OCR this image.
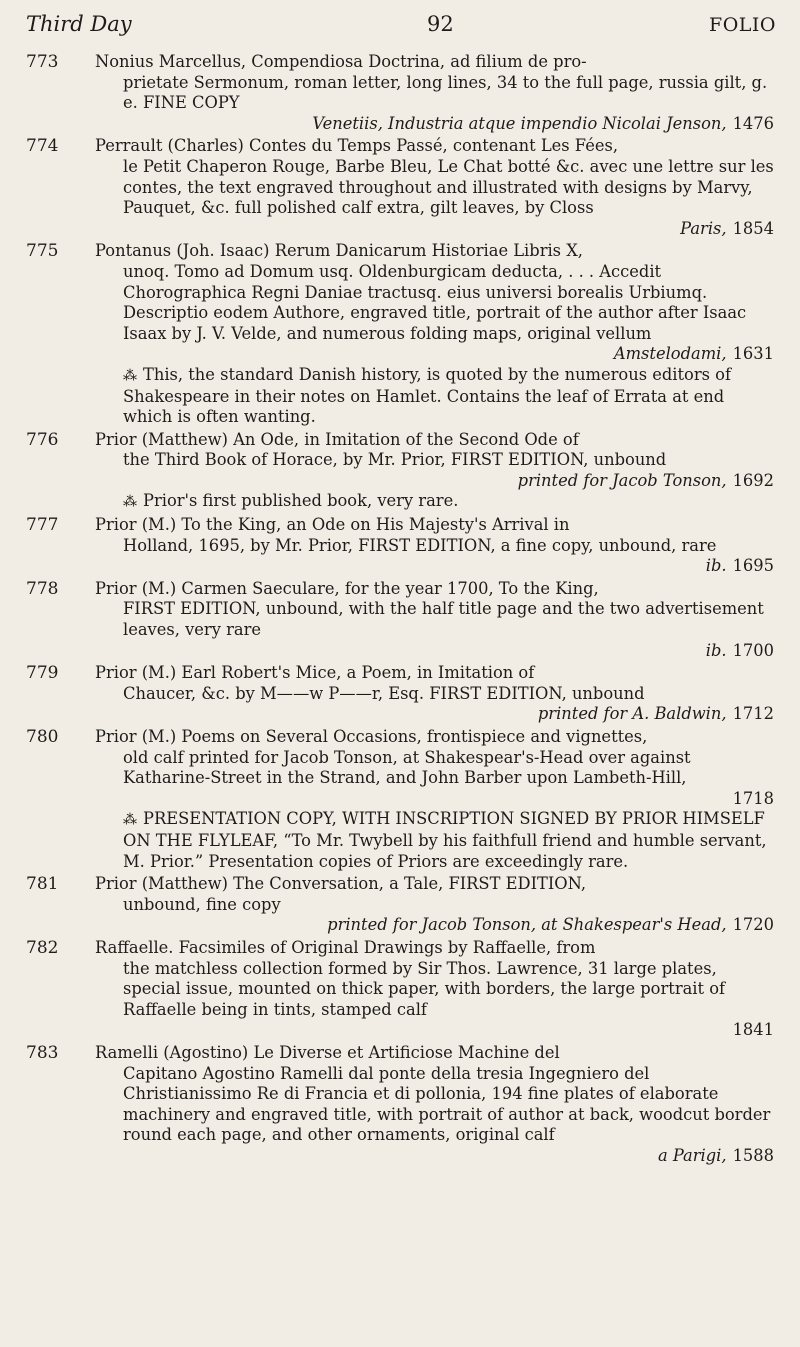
Third Day	92	FOLIO
773 Nonius Marcellus, Compendiosa Doctrina, ad filium de pro-
prietate Sermonum, roman letter, long lines, 34 to the full page, russia gilt, g. e. FINE COPY
Venetiis, Industria atque impendio Nicolai Jenson, 1476
774 Perrault (Charles) Contes du Temps Passé, contenant Les Fées,
le Petit Chaperon Rouge, Barbe Bleu, Le Chat botté &c. avec une lettre sur les contes, the text engraved throughout and illustrated with designs by Marvy, Pauquet, &c. full polished calf extra, gilt leaves, by Closs
Paris, 1854
775 Pontanus (Joh. Isaac) Rerum Danicarum Historiae Libris X,
unoq. Tomo ad Domum usq. Oldenburgicam deducta, . . . Accedit Chorographica Regni Daniae tractusq. eius universi borealis Urbiumq. Descriptio eodem Authore, engraved title, portrait of the author after Isaac Isaax by J. V. Velde, and numerous folding maps, original vellum
Amstelodami, 1631
⁂ This, the standard Danish history, is quoted by the numerous editors of Shakespeare in their notes on Hamlet. Contains the leaf of Errata at end which is often wanting.
776 Prior (Matthew) An Ode, in Imitation of the Second Ode of
the Third Book of Horace, by Mr. Prior, FIRST EDITION, unbound
printed for Jacob Tonson, 1692
⁂ Prior's first published book, very rare.
777 Prior (M.) To the King, an Ode on His Majesty's Arrival in
Holland, 1695, by Mr. Prior, FIRST EDITION, a fine copy, unbound, rare
ib. 1695
778 Prior (M.) Carmen Saeculare, for the year 1700, To the King,
FIRST EDITION, unbound, with the half title page and the two advertisement leaves, very rare
ib. 1700
779 Prior (M.) Earl Robert's Mice, a Poem, in Imitation of
Chaucer, &c. by M——w P——r, Esq. FIRST EDITION, unbound
printed for A. Baldwin, 1712
780 Prior (M.) Poems on Several Occasions, frontispiece and vignettes,
old calf printed for Jacob Tonson, at Shakespear's-Head over against Katharine-Street in the Strand, and John Barber upon Lambeth-Hill,
1718
⁂ PRESENTATION COPY, WITH INSCRIPTION SIGNED BY PRIOR HIMSELF ON THE FLYLEAF, “To Mr. Twybell by his faithfull friend and humble servant, M. Prior.” Presentation copies of Priors are exceedingly rare.
781 Prior (Matthew) The Conversation, a Tale, FIRST EDITION,
unbound, fine copy
printed for Jacob Tonson, at Shakespear's Head, 1720
782 Raffaelle. Facsimiles of Original Drawings by Raffaelle, from
the matchless collection formed by Sir Thos. Lawrence, 31 large plates, special issue, mounted on thick paper, with borders, the large portrait of Raffaelle being in tints, stamped calf
1841
783 Ramelli (Agostino) Le Diverse et Artificiose Machine del
Capitano Agostino Ramelli dal ponte della tresia Ingegniero del Christianissimo Re di Francia et di pollonia, 194 fine plates of elaborate machinery and engraved title, with portrait of author at back, woodcut border round each page, and other ornaments, original calf
a Parigi, 1588
